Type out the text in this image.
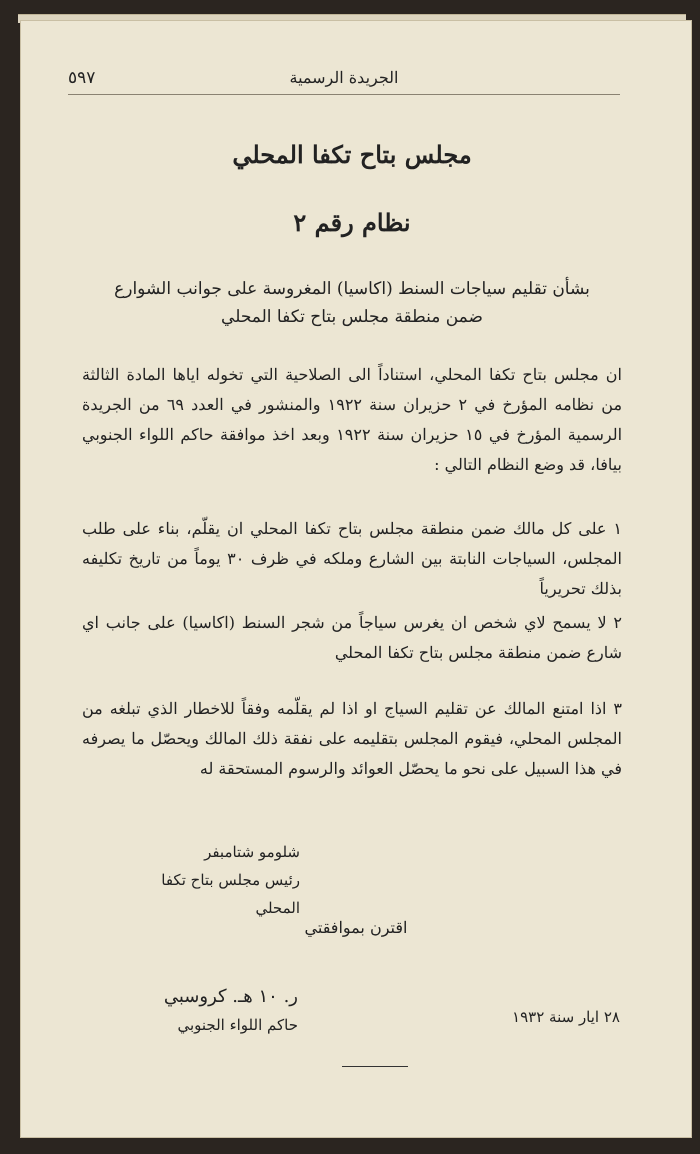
٥٩٧	الجريدة الرسمية
مجلس بتاح تكفا المحلي
نظام رقم ٢
بشأن تقليم سياجات السنط (اكاسيا) المغروسة على جوانب الشوارع
ضمن منطقة مجلس بتاح تكفا المحلي
ان مجلس بتاح تكفا المحلي، استناداً الى الصلاحية التي تخوله اياها المادة الثالثة من نظامه المؤرخ في ٢ حزيران سنة ١٩٢٢ والمنشور في العدد ٦٩ من الجريدة الرسمية المؤرخ في ١٥ حزيران سنة ١٩٢٢ وبعد اخذ موافقة حاكم اللواء الجنوبي بيافا، قد وضع النظام التالي :
١ على كل مالك ضمن منطقة مجلس بتاح تكفا المحلي ان يقلّم، بناء على طلب المجلس، السياجات النابتة بين الشارع وملكه في ظرف ٣٠ يوماً من تاريخ تكليفه بذلك تحريرياً
٢ لا يسمح لاي شخص ان يغرس سياجاً من شجر السنط (اكاسيا) على جانب اي شارع ضمن منطقة مجلس بتاح تكفا المحلي
٣ اذا امتنع المالك عن تقليم السياج او اذا لم يقلّمه وفقاً للاخطار الذي تبلغه من المجلس المحلي، فيقوم المجلس بتقليمه على نفقة ذلك المالك ويحصّل ما يصرفه في هذا السبيل على نحو ما يحصّل العوائد والرسوم المستحقة له
شلومو شتامبفر
رئيس مجلس بتاح تكفا المحلي
اقترن بموافقتي
ر. ١٠ هـ. كروسبي
حاكم اللواء الجنوبي	٢٨ ايار سنة ١٩٣٢
